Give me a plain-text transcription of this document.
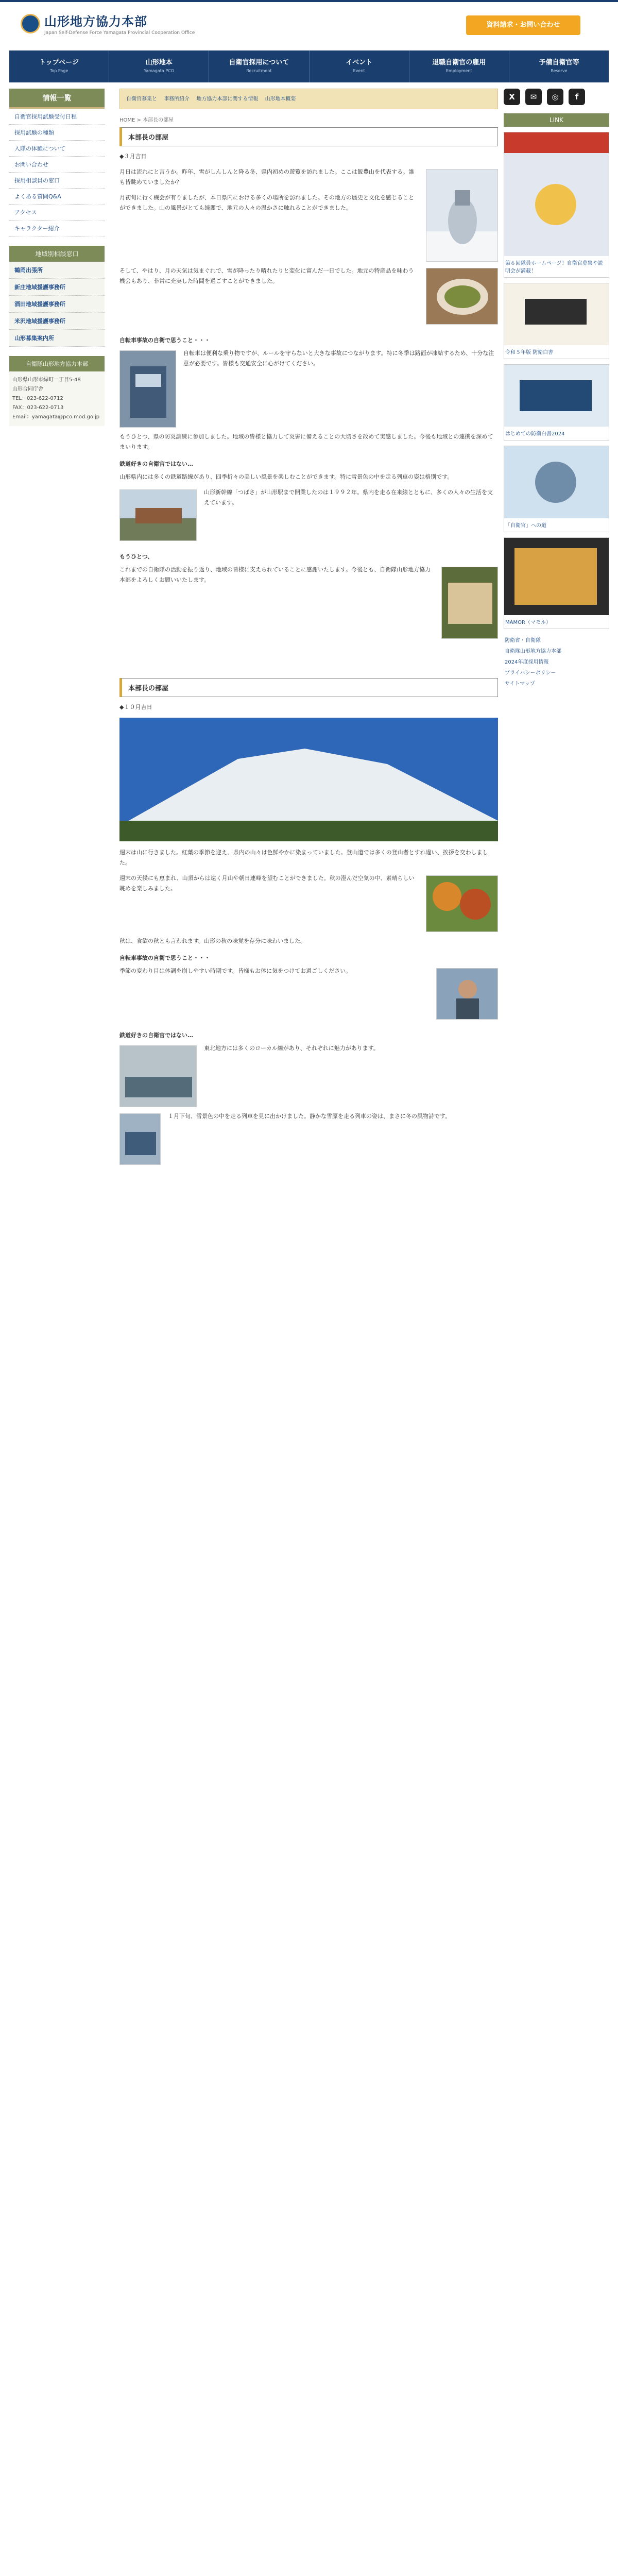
山形地方協力本部
Japan Self-Defense Force Yamagata Provincial Cooperation Office
資料請求・お問い合わせ
トップページ
Top Page
山形地本
Yamagata PCO
自衛官採用について
Recruitment
イベント
Event
退職自衛官の雇用
Employment
予備自衛官等
Reserve
情報一覧
自衛官採用試験受付日程
採用試験の種類
入隊の体験について
お問い合わせ
採用相談員の窓口
よくある質問Q&A
アクセス
キャラクター紹介
地域別相談窓口
鶴岡出張所
新庄地域援護事務所
酒田地域援護事務所
米沢地域援護事務所
山形募集案内所
自衛隊山形地方協力本部
山形県山形市緑町一丁目5-48
山形合同庁舎
TEL：023-622-0712
FAX：023-622-0713
Email：yamagata@pco.mod.go.jp
自衛官募集と 事務所紹介 地方協力本部に関する情報 山形地本概要
HOME > 本部長の部屋
本部長の部屋
◆３月吉日

月日は流れにと言うか。昨年、雪がしんしんと降る冬、県内初めの遊覧を訪れました。ここは飯豊山を代表する。誰も皆眺めていましたか？

月初旬に行く機会が有りましたが、本日県内における多くの場所を訪れました。その地方の歴史と文化を感じることができました。山の風景がとても綺麗で、地元の人々の温かさに触れることができました。

そして、やはり、月の天気は気まぐれで、雪が降ったり晴れたりと変化に富んだ一日でした。地元の特産品を味わう機会もあり、非常に充実した時間を過ごすことができました。

自転車事故の自衛で思うこと・・・

自転車は便利な乗り物ですが、ルールを守らないと大きな事故につながります。特に冬季は路面が凍結するため、十分な注意が必要です。皆様も交通安全に心がけてください。

もうひとつ、県の防災訓練に参加しました。地域の皆様と協力して災害に備えることの大切さを改めて実感しました。今後も地域との連携を深めてまいります。

鉄道好きの自衛官ではない…

山形県内には多くの鉄道路線があり、四季折々の美しい風景を楽しむことができます。特に雪景色の中を走る列車の姿は格別です。

山形新幹線「つばさ」が山形駅まで開業したのは１９９２年。県内を走る在来線とともに、多くの人々の生活を支えています。

もうひとつ、

これまでの自衛隊の活動を振り返り、地域の皆様に支えられていることに感謝いたします。今後とも、自衛隊山形地方協力本部をよろしくお願いいたします。

本部長の部屋
◆１０月吉日

週末は山に行きました。紅葉の季節を迎え、県内の山々は色鮮やかに染まっていました。登山道では多くの登山者とすれ違い、挨拶を交わしました。

週末の天候にも恵まれ、山頂からは遠く月山や朝日連峰を望むことができました。秋の澄んだ空気の中、素晴らしい眺めを楽しみました。

秋は、食欲の秋とも言われます。山形の秋の味覚を存分に味わいました。

自転車事故の自衛で思うこと・・・

季節の変わり目は体調を崩しやすい時期です。皆様もお体に気をつけてお過ごしください。

鉄道好きの自衛官ではない…

東北地方には多くのローカル線があり、それぞれに魅力があります。

１月下旬、雪景色の中を走る列車を見に出かけました。静かな雪原を走る列車の姿は、まさに冬の風物詩です。

X	✉	◎	f
LINK
第６回隊員ホームページ！自衛官募集や説明会が満載！
令和５年版 防衛白書
はじめての防衛白書2024
「自衛官」への道
MAMOR（マモル）
防衛省・自衛隊
自衛隊山形地方協力本部
2024年度採用情報
プライバシーポリシー
サイトマップ
